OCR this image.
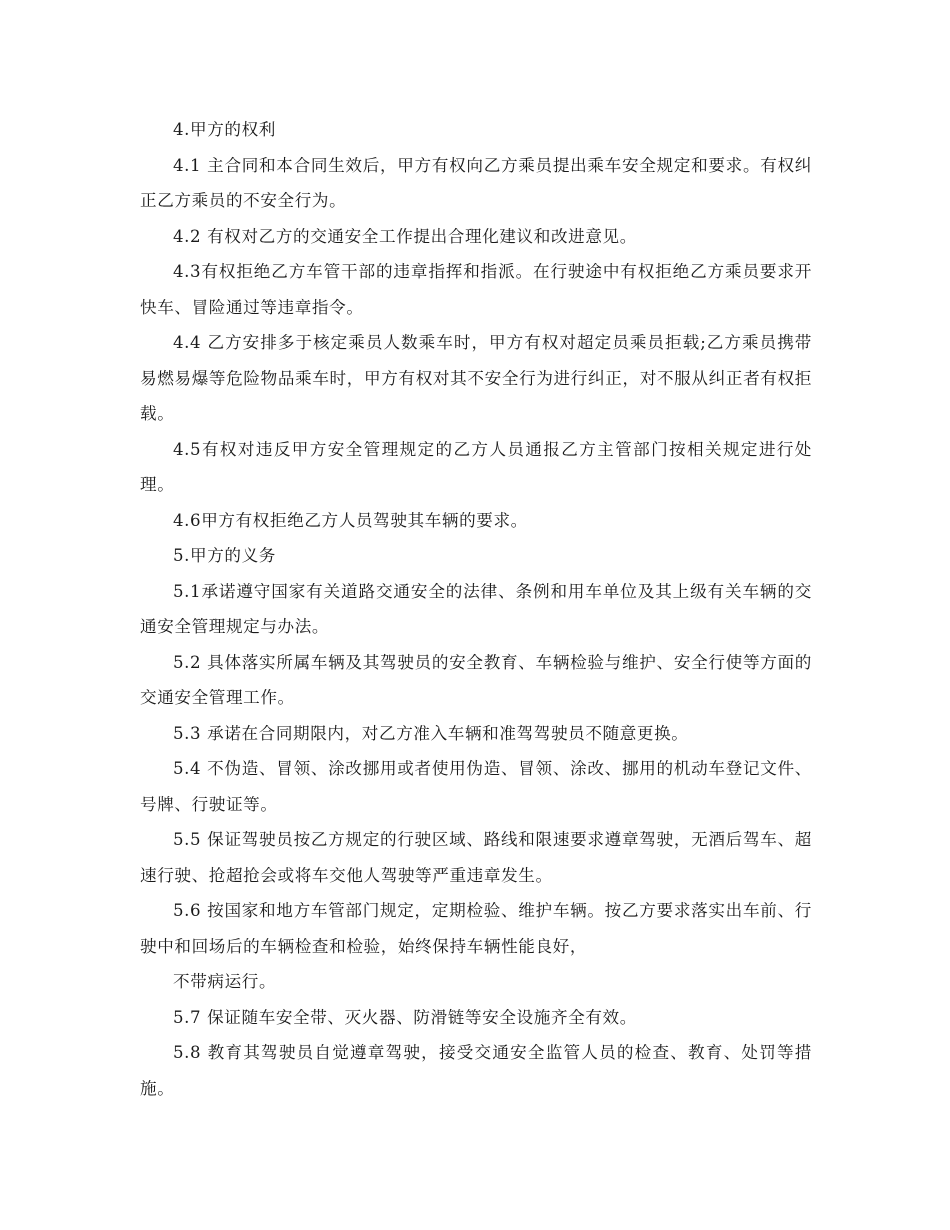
4.甲方的权利

4.1 主合同和本合同生效后，甲方有权向乙方乘员提出乘车安全规定和要求。有权纠正乙方乘员的不安全行为。

4.2 有权对乙方的交通安全工作提出合理化建议和改进意见。

4.3有权拒绝乙方车管干部的违章指挥和指派。在行驶途中有权拒绝乙方乘员要求开快车、冒险通过等违章指令。

4.4 乙方安排多于核定乘员人数乘车时，甲方有权对超定员乘员拒载;乙方乘员携带易燃易爆等危险物品乘车时，甲方有权对其不安全行为进行纠正，对不服从纠正者有权拒载。

4.5有权对违反甲方安全管理规定的乙方人员通报乙方主管部门按相关规定进行处理。

4.6甲方有权拒绝乙方人员驾驶其车辆的要求。

5.甲方的义务

5.1承诺遵守国家有关道路交通安全的法律、条例和用车单位及其上级有关车辆的交通安全管理规定与办法。

5.2 具体落实所属车辆及其驾驶员的安全教育、车辆检验与维护、安全行使等方面的交通安全管理工作。

5.3 承诺在合同期限内，对乙方准入车辆和准驾驾驶员不随意更换。

5.4 不伪造、冒领、涂改挪用或者使用伪造、冒领、涂改、挪用的机动车登记文件、号牌、行驶证等。

5.5 保证驾驶员按乙方规定的行驶区域、路线和限速要求遵章驾驶，无酒后驾车、超速行驶、抢超抢会或将车交他人驾驶等严重违章发生。

5.6 按国家和地方车管部门规定，定期检验、维护车辆。按乙方要求落实出车前、行驶中和回场后的车辆检查和检验，始终保持车辆性能良好，

不带病运行。

5.7 保证随车安全带、灭火器、防滑链等安全设施齐全有效。

5.8 教育其驾驶员自觉遵章驾驶，接受交通安全监管人员的检查、教育、处罚等措施。
